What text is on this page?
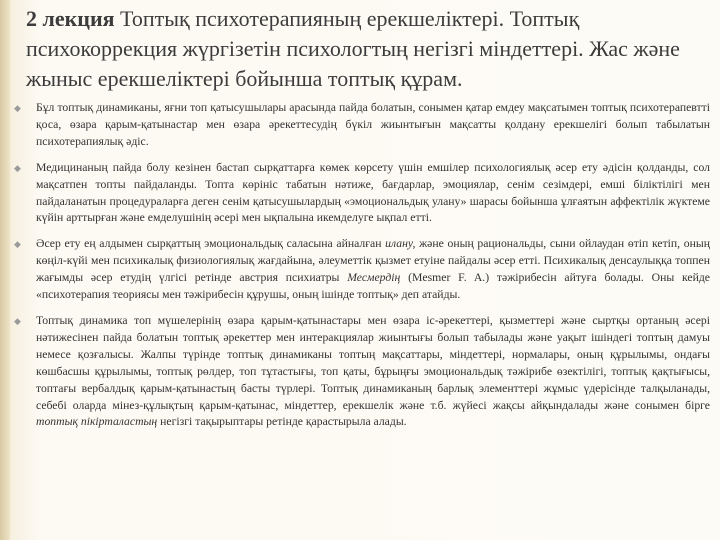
2 лекция Топтық психотерапияның ерекшеліктері. Топтық психокоррекция жүргізетін психологтың негізгі міндеттері. Жас және жыныс ерекшеліктері бойынша топтық құрам.
◆ Бұл топтық динамиканы, яғни топ қатысушылары арасында пайда болатын, сонымен қатар емдеу мақсатымен топтық психотерапевтті қоса, өзара қарым-қатынастар мен өзара әрекеттесудің бүкіл жиынтығын мақсатты қолдану ерекшелігі болып табылатын психотерапиялық әдіс.
◆ Медицинаның пайда болу кезінен бастап сырқаттарға көмек көрсету үшін емшілер психологиялық әсер ету әдісін қолданды, сол мақсатпен топты пайдаланды. Топта көрініс табатын нәтиже, бағдарлар, эмоциялар, сенім сезімдері, емші біліктілігі мен пайдаланатын процедураларға деген сенім қатысушылардың «эмоциональдық улану» шарасы бойынша ұлғаятын аффектілік жүктеме күйін арттырған және емделушінің әсері мен ықпалына икемделуге ықпал етті.
◆ Әсер ету ең алдымен сырқаттың эмоциональдық саласына айналған илану, және оның рациональды, сыни ойлаудан өтіп кетіп, оның көңіл-күйі мен психикалық физиологиялық жағдайына, әлеуметтік қызмет етуіне пайдалы әсер етті. Психикалық денсаулыққа топпен жағымды әсер етудің үлгісі ретінде австрия психиатры Месмердің (Mesmer F. A.) тәжірибесін айтуға болады. Оны кейде «психотерапия теориясы мен тәжірибесін құрушы, оның ішінде топтық» деп атайды.
◆ Топтық динамика топ мүшелерінің өзара қарым-қатынастары мен өзара іс-әрекеттері, қызметтері және сыртқы ортаның әсері нәтижесінен пайда болатын топтық әрекеттер мен интеракциялар жиынтығы болып табылады және уақыт ішіндегі топтың дамуы немесе қозғалысы. Жалпы түрінде топтық динамиканы топтың мақсаттары, міндеттері, нормалары, оның құрылымы, ондағы көшбасшы құрылымы, топтық рөлдер, топ тұтастығы, топ қаты, бұрыңғы эмоциональдық тәжірибе өзектілігі, топтық қақтығысы, топтағы вербалдық қарым-қатынастың басты түрлері. Топтық динамиканың барлық элементтері жұмыс үдерісінде талқыланады, себебі оларда мінез-құлықтың қарым-қатынас, міндеттер, ерекшелік және т.б. жүйесі жақсы айқындалады және сонымен бірге топтық пікірталастың негізгі тақырыптары ретінде қарастырыла алады.
